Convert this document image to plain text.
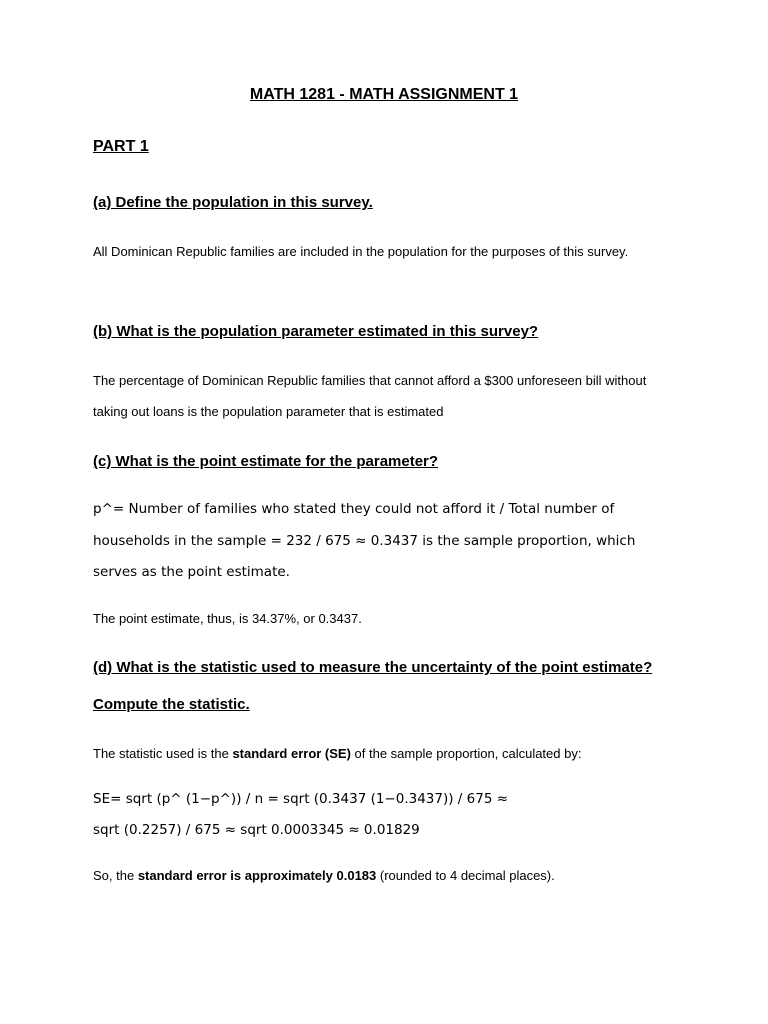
MATH 1281 - MATH ASSIGNMENT 1
PART 1
(a) Define the population in this survey.

All Dominican Republic families are included in the population for the purposes of this survey.

(b) What is the population parameter estimated in this survey?

The percentage of Dominican Republic families that cannot afford a $300 unforeseen bill without taking out loans is the population parameter that is estimated

(c) What is the point estimate for the parameter?

p^= Number of families who stated they could not afford it / Total number of households in the sample = 232 / 675 ≈ 0.3437 is the sample proportion, which serves as the point estimate.

The point estimate, thus, is 34.37%, or 0.3437.

(d) What is the statistic used to measure the uncertainty of the point estimate? Compute the statistic.

The statistic used is the standard error (SE) of the sample proportion, calculated by:

SE= sqrt (p^ (1−p^)) / n = sqrt (0.3437 (1−0.3437)) / 675 ≈

sqrt (0.2257) / 675 ≈ sqrt 0.0003345 ≈ 0.01829

So, the standard error is approximately 0.0183 (rounded to 4 decimal places).
